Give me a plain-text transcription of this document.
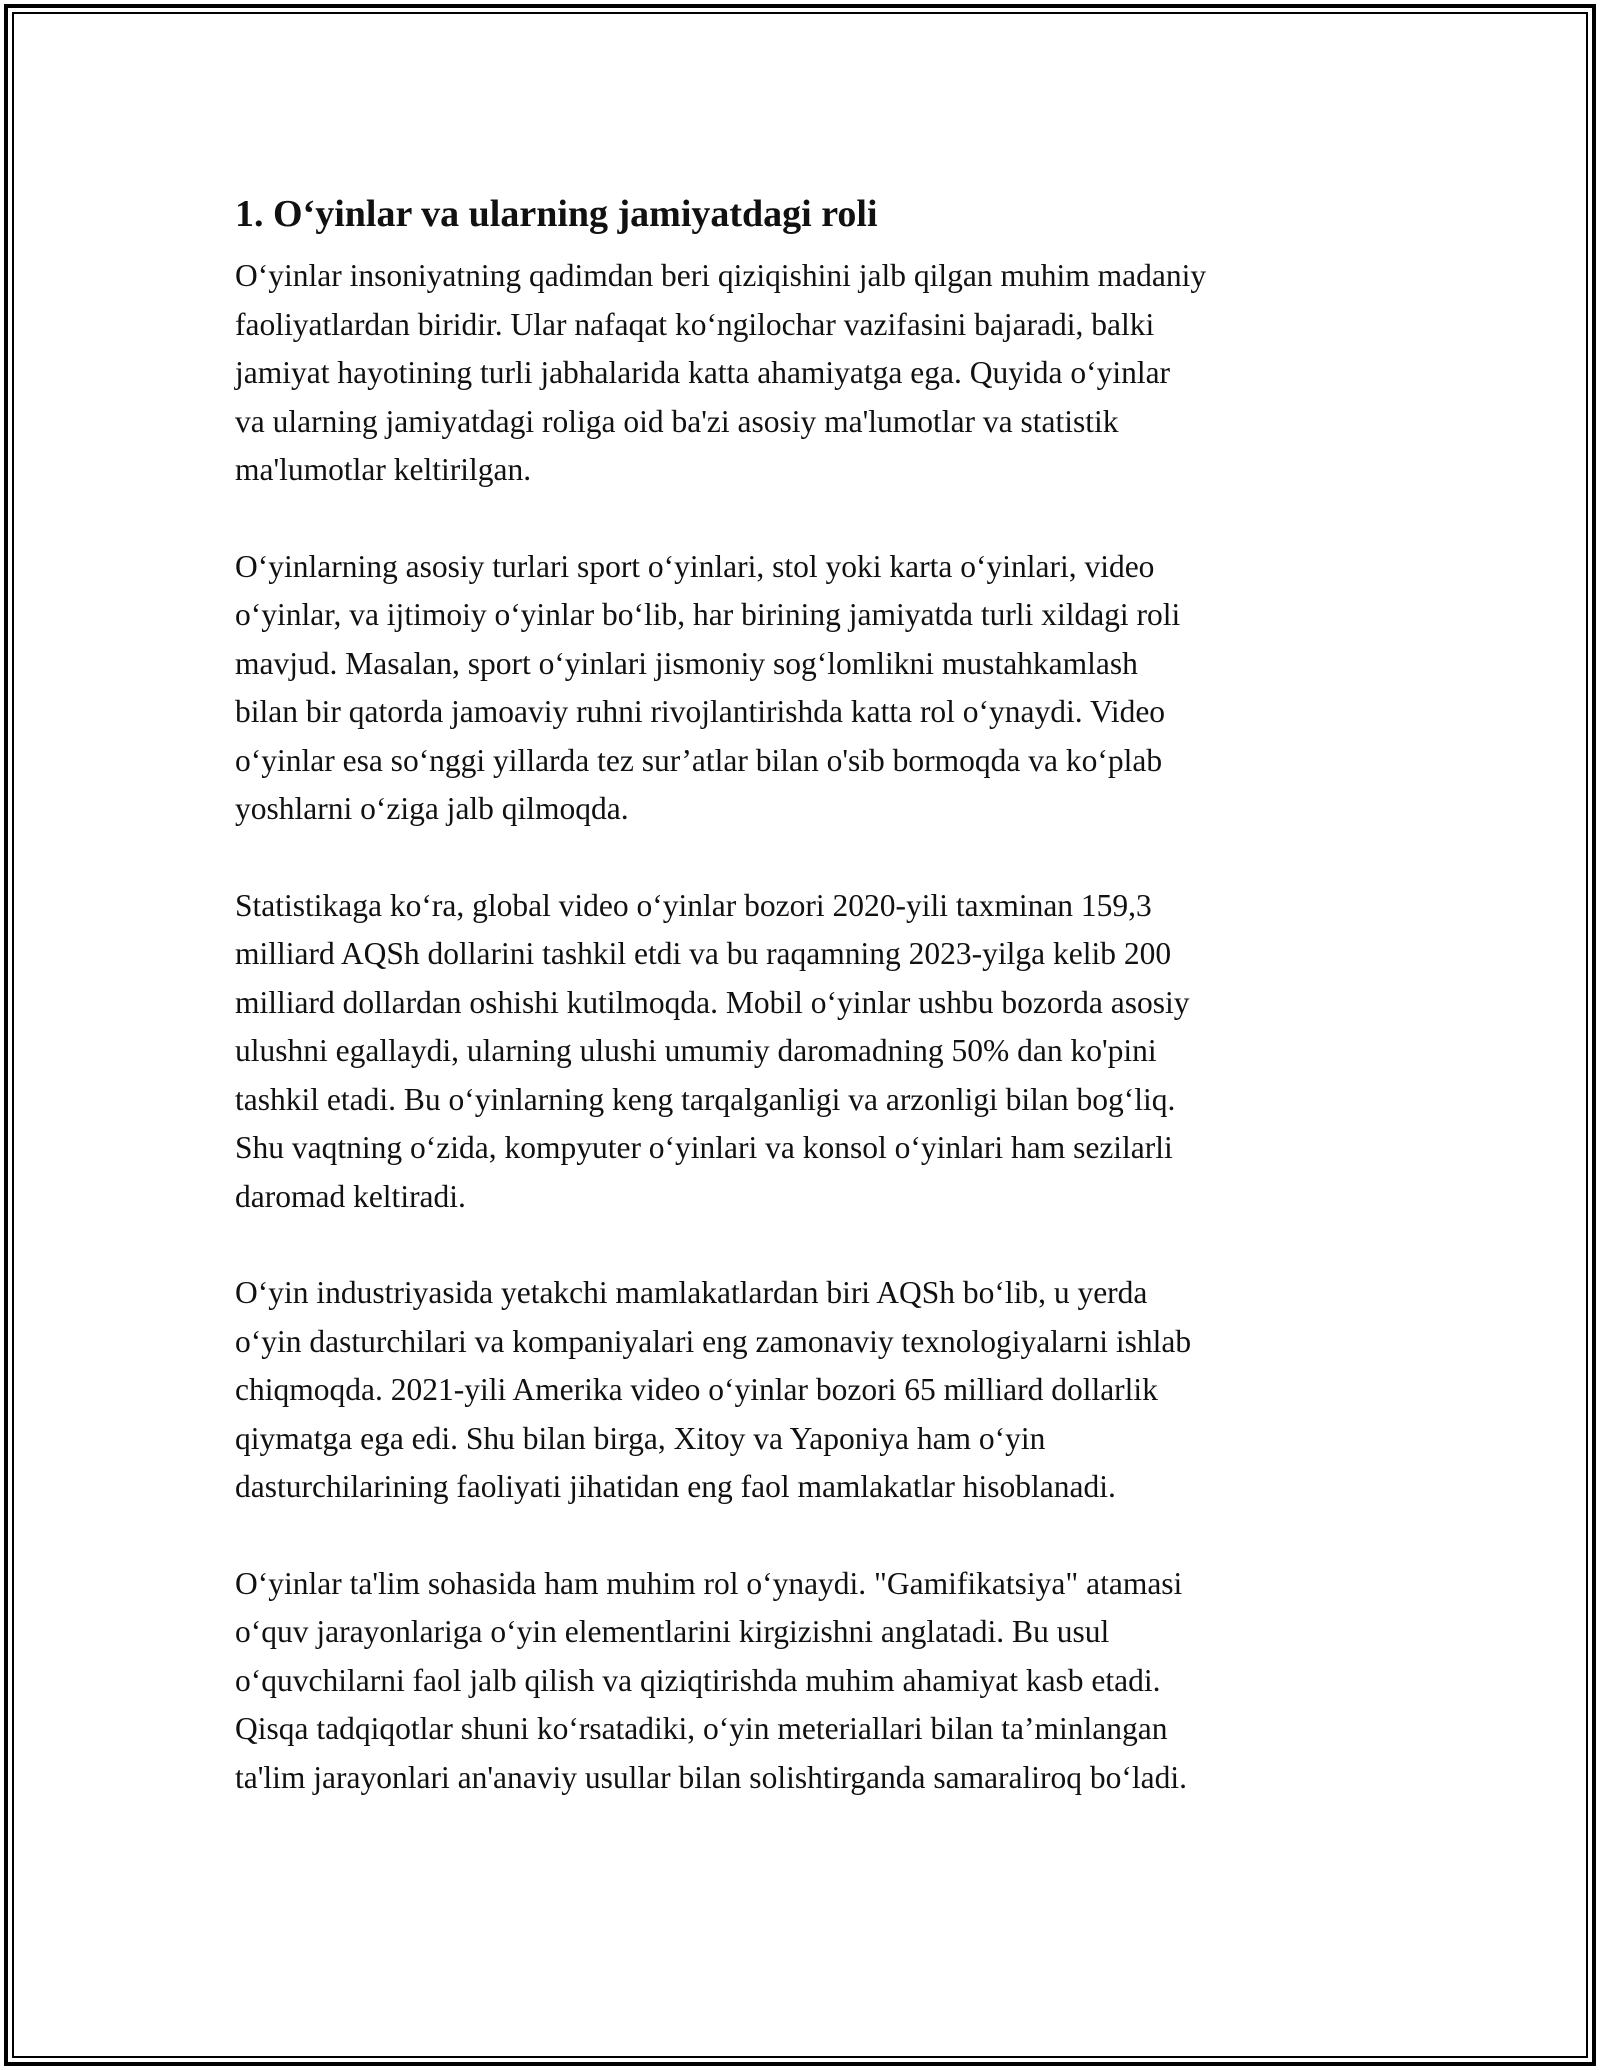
1. O‘yinlar va ularning jamiyatdagi roli
O‘yinlar insoniyatning qadimdan beri qiziqishini jalb qilgan muhim madaniy
faoliyatlardan biridir. Ular nafaqat ko‘ngilochar vazifasini bajaradi, balki
jamiyat hayotining turli jabhalarida katta ahamiyatga ega. Quyida o‘yinlar
va ularning jamiyatdagi roliga oid ba'zi asosiy ma'lumotlar va statistik
ma'lumotlar keltirilgan.
O‘yinlarning asosiy turlari sport o‘yinlari, stol yoki karta o‘yinlari, video
o‘yinlar, va ijtimoiy o‘yinlar bo‘lib, har birining jamiyatda turli xildagi roli
mavjud. Masalan, sport o‘yinlari jismoniy sog‘lomlikni mustahkamlash
bilan bir qatorda jamoaviy ruhni rivojlantirishda katta rol o‘ynaydi. Video
o‘yinlar esa so‘nggi yillarda tez sur’atlar bilan o'sib bormoqda va ko‘plab
yoshlarni o‘ziga jalb qilmoqda.
Statistikaga ko‘ra, global video o‘yinlar bozori 2020-yili taxminan 159,3
milliard AQSh dollarini tashkil etdi va bu raqamning 2023-yilga kelib 200
milliard dollardan oshishi kutilmoqda. Mobil o‘yinlar ushbu bozorda asosiy
ulushni egallaydi, ularning ulushi umumiy daromadning 50% dan ko'pini
tashkil etadi. Bu o‘yinlarning keng tarqalganligi va arzonligi bilan bog‘liq.
Shu vaqtning o‘zida, kompyuter o‘yinlari va konsol o‘yinlari ham sezilarli
daromad keltiradi.
O‘yin industriyasida yetakchi mamlakatlardan biri AQSh bo‘lib, u yerda
o‘yin dasturchilari va kompaniyalari eng zamonaviy texnologiyalarni ishlab
chiqmoqda. 2021-yili Amerika video o‘yinlar bozori 65 milliard dollarlik
qiymatga ega edi. Shu bilan birga, Xitoy va Yaponiya ham o‘yin
dasturchilarining faoliyati jihatidan eng faol mamlakatlar hisoblanadi.
O‘yinlar ta'lim sohasida ham muhim rol o‘ynaydi. "Gamifikatsiya" atamasi
o‘quv jarayonlariga o‘yin elementlarini kirgizishni anglatadi. Bu usul
o‘quvchilarni faol jalb qilish va qiziqtirishda muhim ahamiyat kasb etadi.
Qisqa tadqiqotlar shuni ko‘rsatadiki, o‘yin meteriallari bilan ta’minlangan
ta'lim jarayonlari an'anaviy usullar bilan solishtirganda samaraliroq bo‘ladi.
